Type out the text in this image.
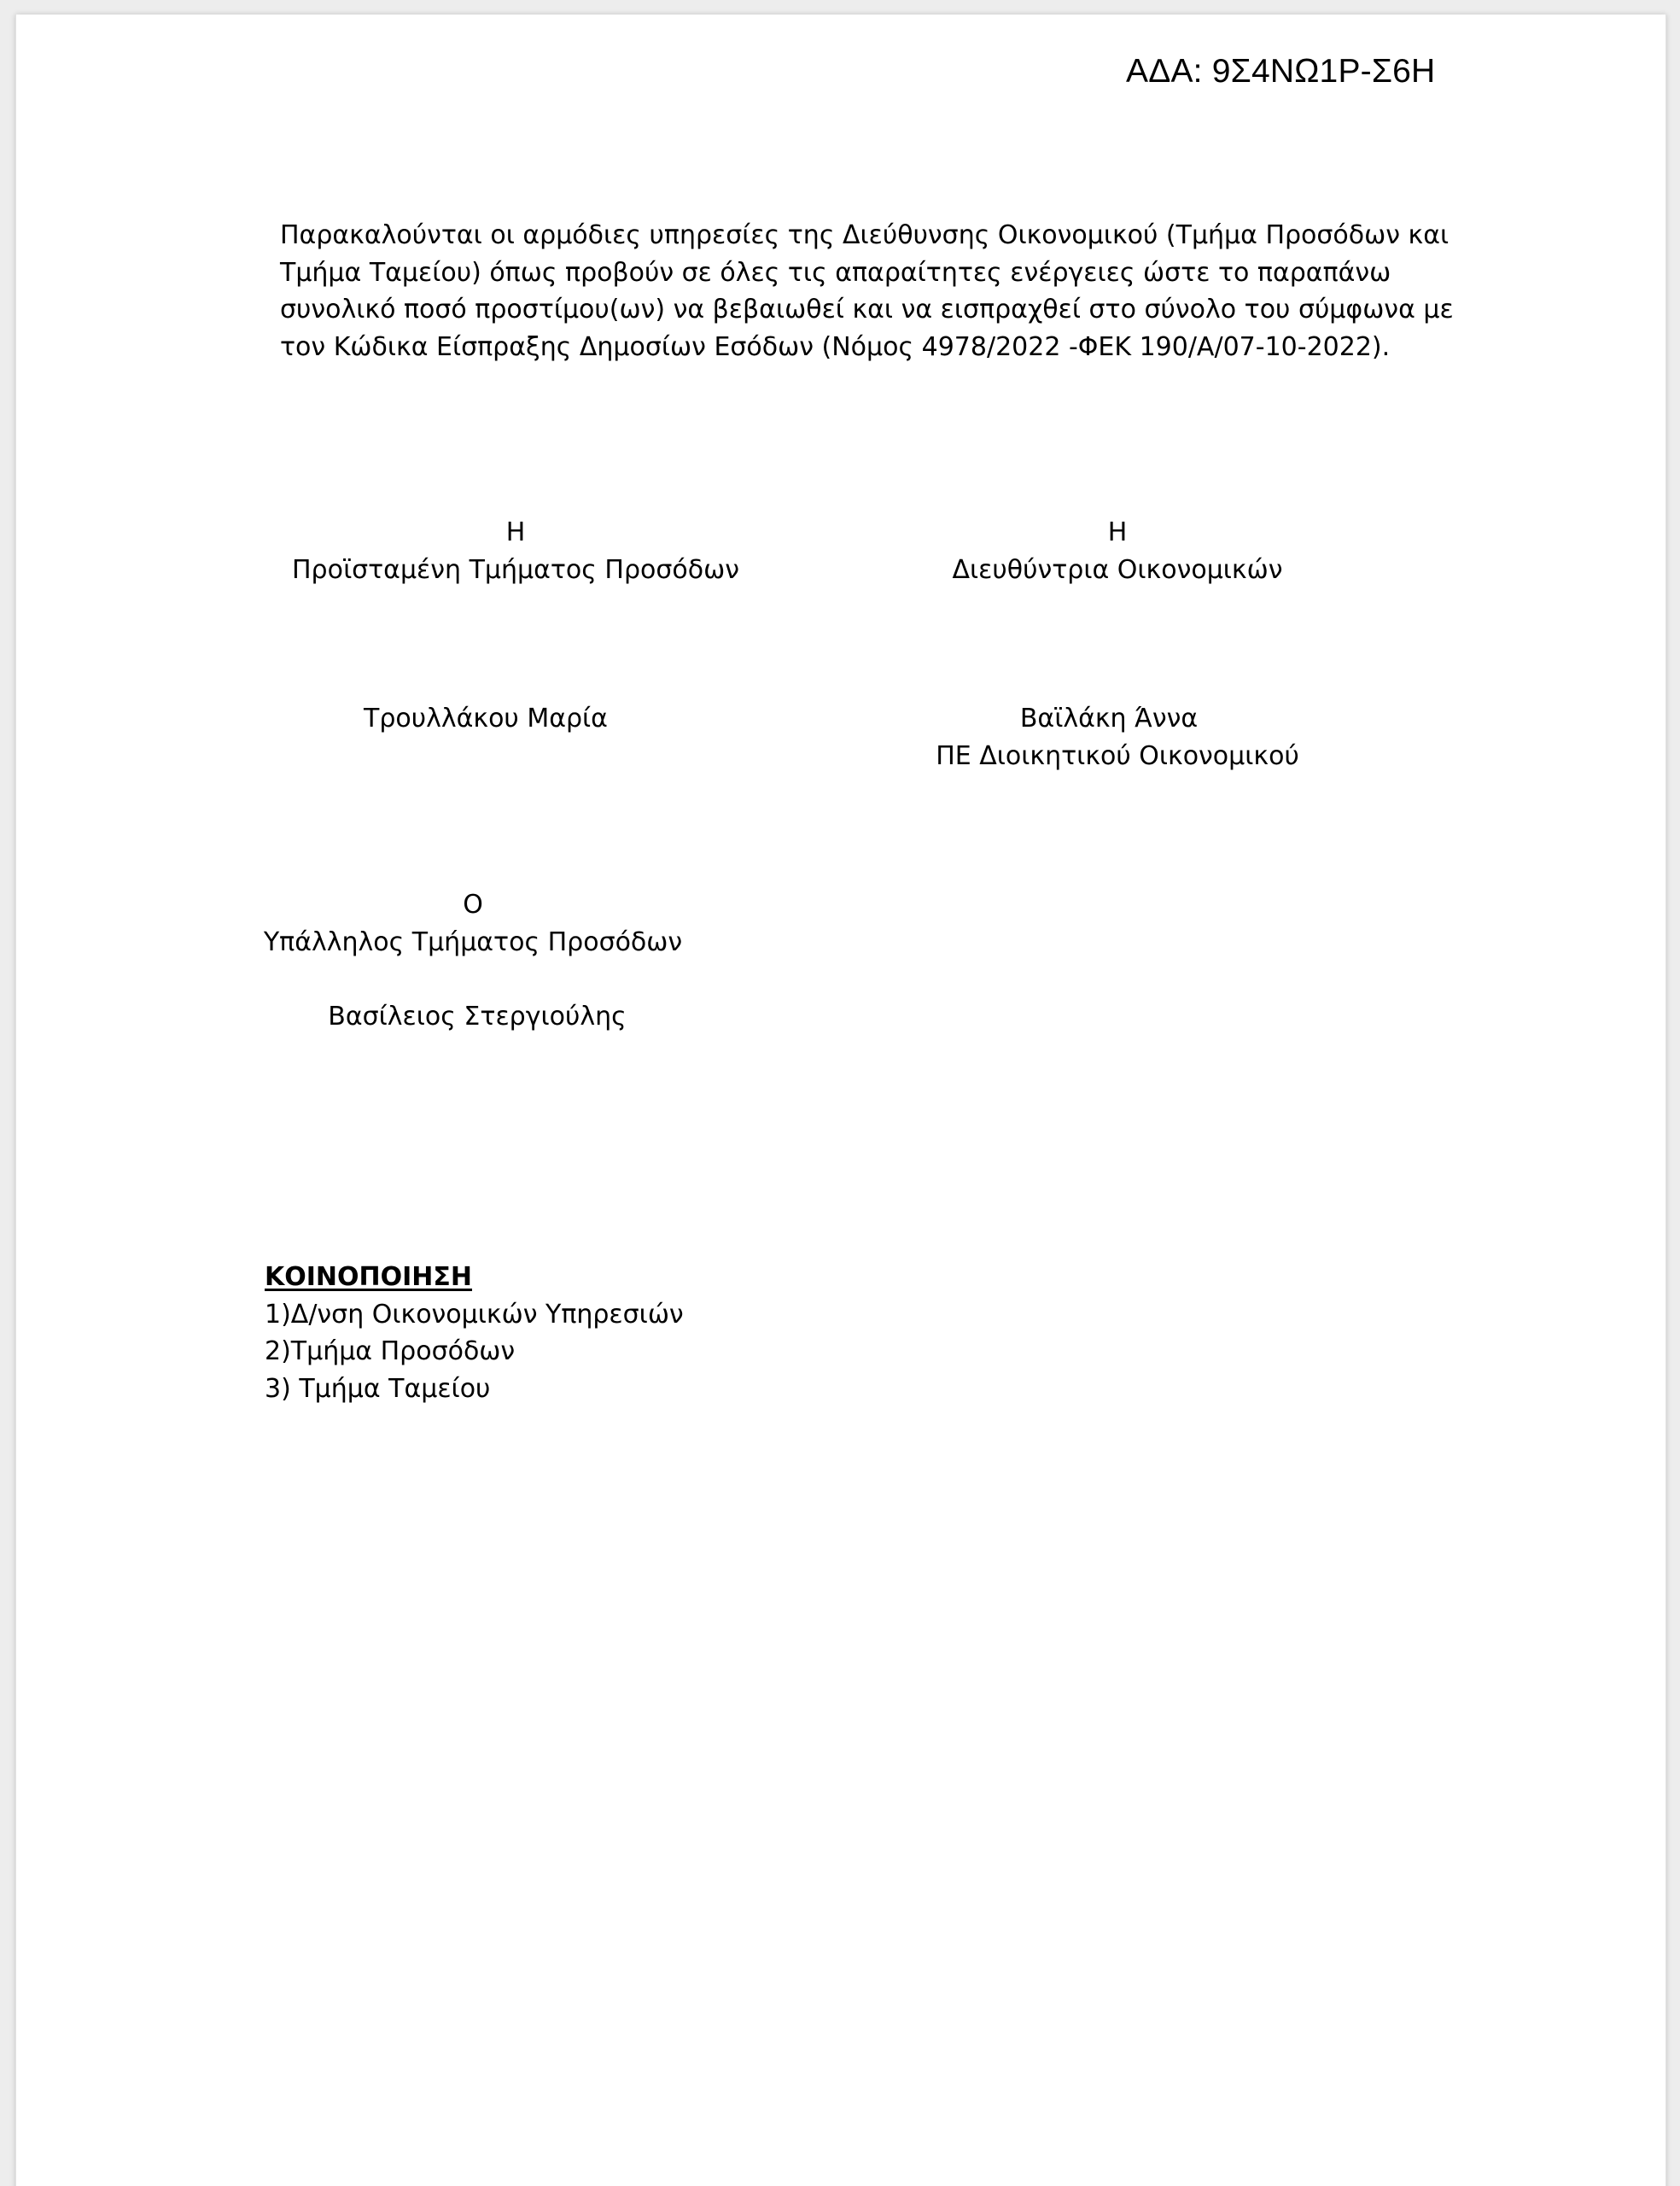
ΑΔΑ: 9Σ4ΝΩ1Ρ-Σ6Η
Παρακαλούνται οι αρμόδιες υπηρεσίες της Διεύθυνσης Οικονομικού (Τμήμα Προσόδων και
Τμήμα Ταμείου) όπως προβούν σε όλες τις απαραίτητες ενέργειες ώστε το παραπάνω
συνολικό ποσό προστίμου(ων) να βεβαιωθεί και να εισπραχθεί στο σύνολο του σύμφωνα με
τον Κώδικα Είσπραξης Δημοσίων Εσόδων (Νόμος 4978/2022 -ΦΕΚ 190/Α/07-10-2022).
Η
Προϊσταμένη Τμήματος Προσόδων
Τρουλλάκου Μαρία
Η
Διευθύντρια Οικονομικών
Βαϊλάκη Άννα
ΠΕ Διοικητικού Οικονομικού
Ο
Υπάλληλος Τμήματος Προσόδων
Βασίλειος Στεργιούλης
ΚΟΙΝΟΠΟΙΗΣΗ
1)Δ/νση Οικονομικών Υπηρεσιών
2)Τμήμα Προσόδων
3) Τμήμα Ταμείου
